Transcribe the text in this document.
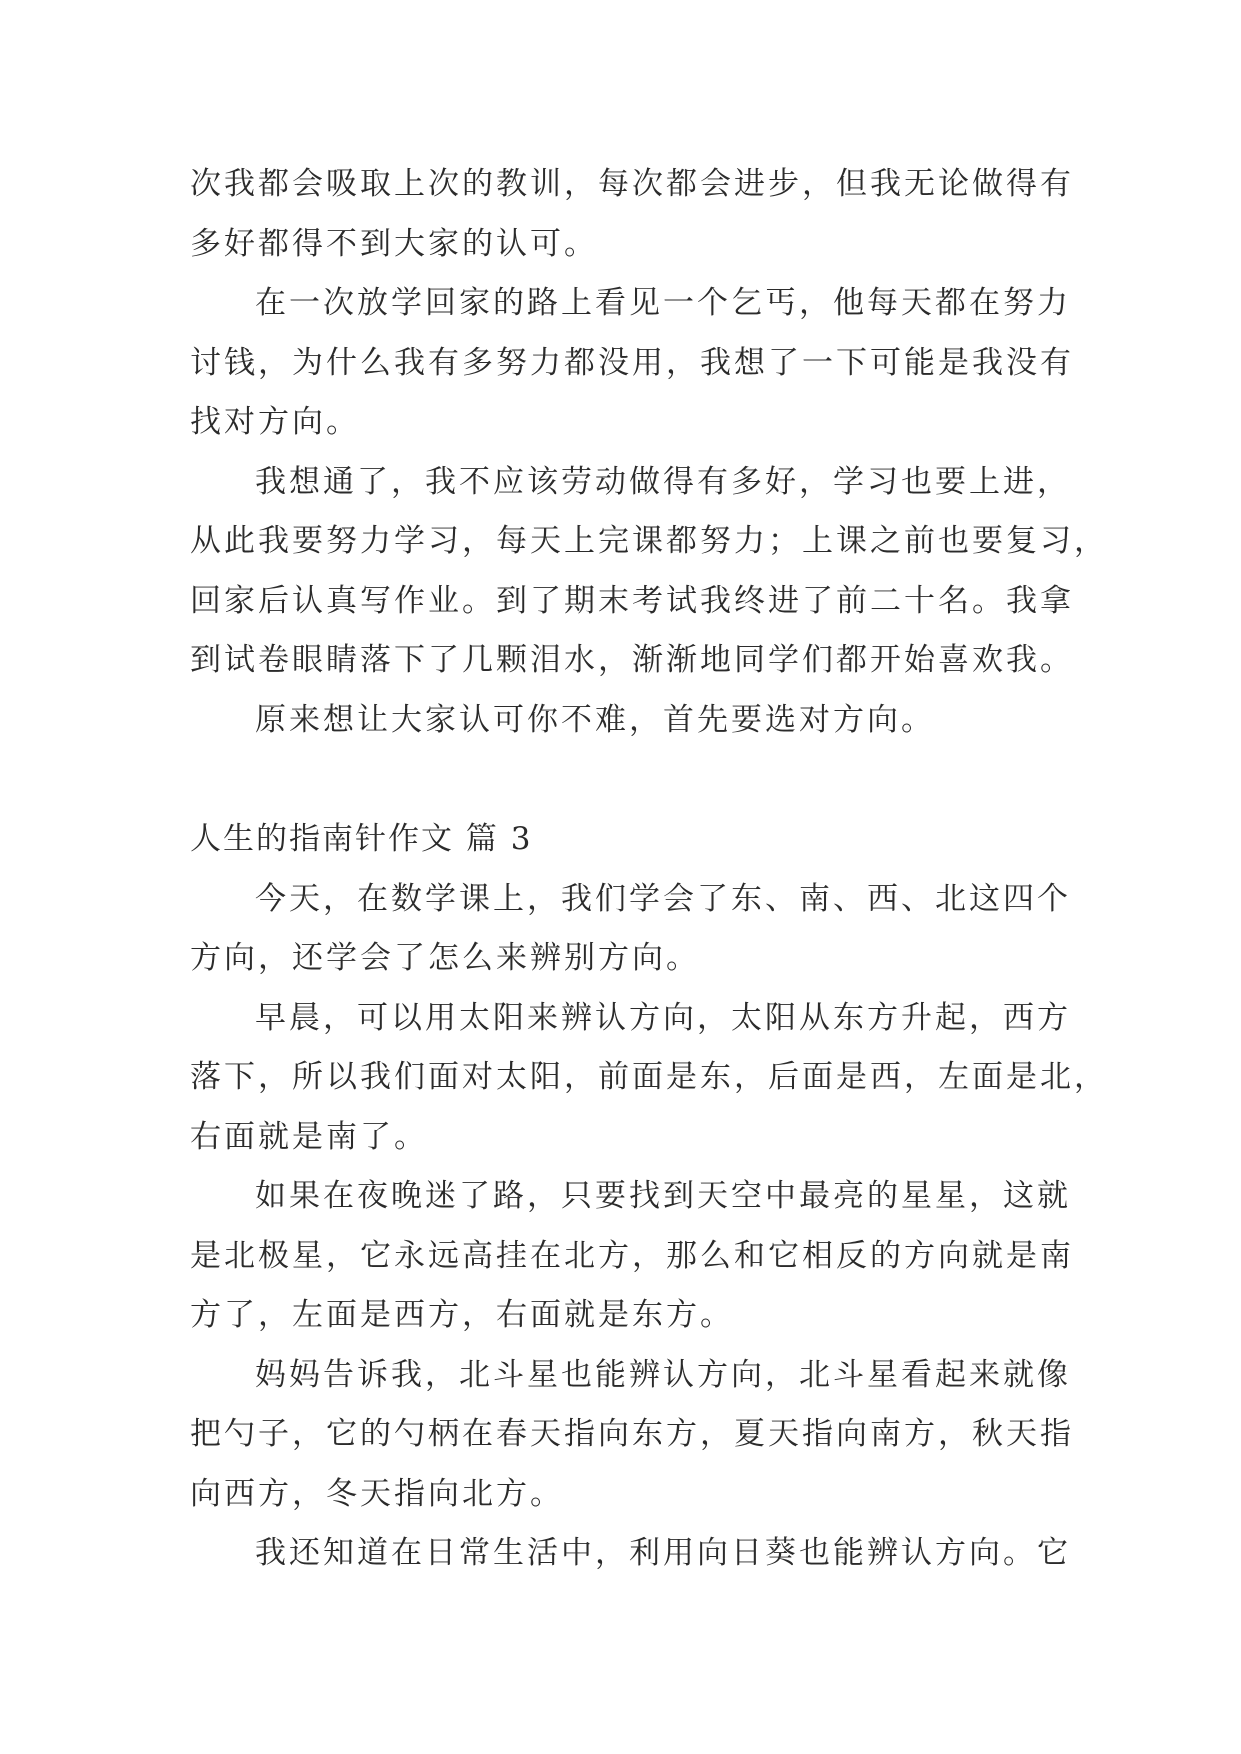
次我都会吸取上次的教训，每次都会进步，但我无论做得有
多好都得不到大家的认可。
在一次放学回家的路上看见一个乞丐，他每天都在努力
讨钱，为什么我有多努力都没用，我想了一下可能是我没有
找对方向。
我想通了，我不应该劳动做得有多好，学习也要上进，
从此我要努力学习，每天上完课都努力；上课之前也要复习，
回家后认真写作业。到了期末考试我终进了前二十名。我拿
到试卷眼睛落下了几颗泪水，渐渐地同学们都开始喜欢我。
原来想让大家认可你不难，首先要选对方向。
人生的指南针作文 篇 3
今天，在数学课上，我们学会了东、南、西、北这四个
方向，还学会了怎么来辨别方向。
早晨，可以用太阳来辨认方向，太阳从东方升起，西方
落下，所以我们面对太阳，前面是东，后面是西，左面是北，
右面就是南了。
如果在夜晚迷了路，只要找到天空中最亮的星星，这就
是北极星，它永远高挂在北方，那么和它相反的方向就是南
方了，左面是西方，右面就是东方。
妈妈告诉我，北斗星也能辨认方向，北斗星看起来就像
把勺子，它的勺柄在春天指向东方，夏天指向南方，秋天指
向西方，冬天指向北方。
我还知道在日常生活中，利用向日葵也能辨认方向。它
